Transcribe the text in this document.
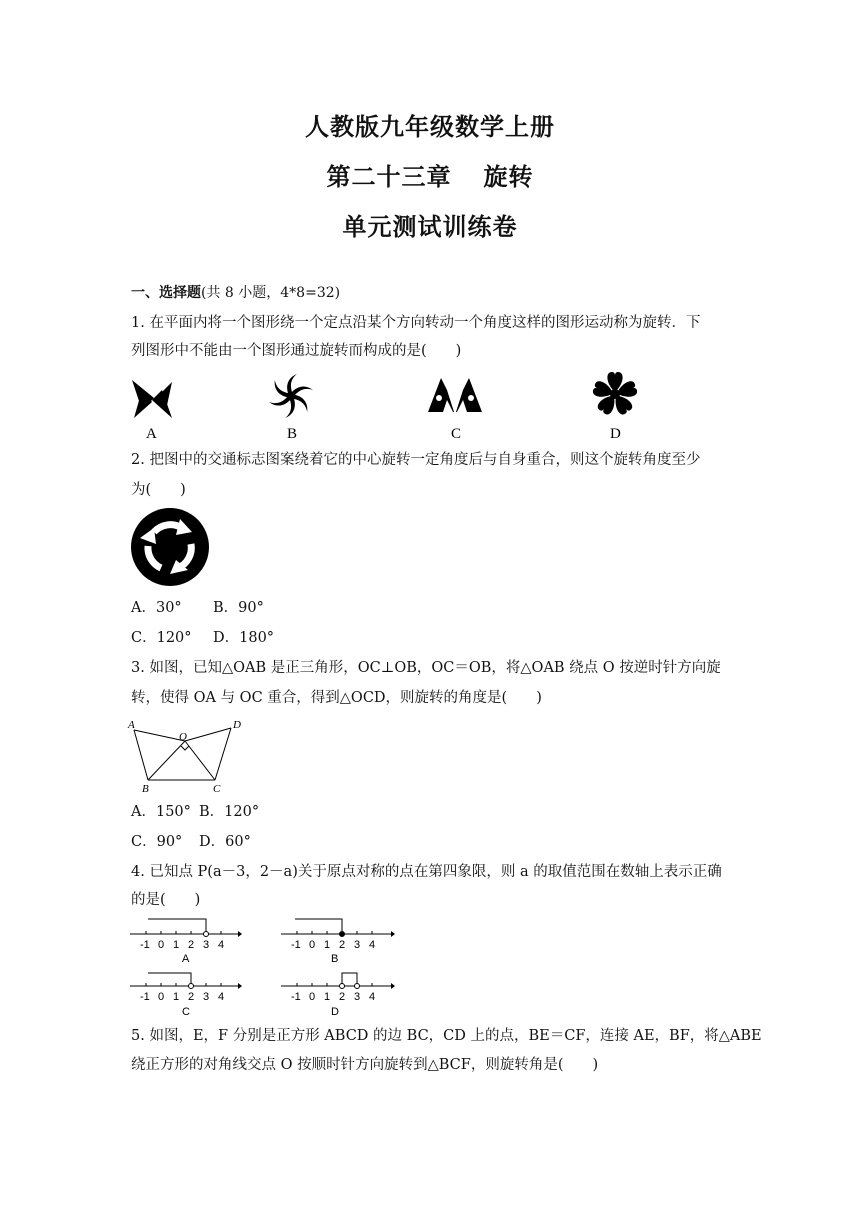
人教版九年级数学上册
第二十三章 旋转
单元测试训练卷
一、选择题(共 8 小题，4*8=32)
1. 在平面内将一个图形绕一个定点沿某个方向转动一个角度这样的图形运动称为旋转．下
列图形中不能由一个图形通过旋转而构成的是(　　)
A	B	C	D
2. 把图中的交通标志图案绕着它的中心旋转一定角度后与自身重合，则这个旋转角度至少
为(　　)
A．30° B．90°
C．120° D．180°
3. 如图，已知△OAB 是正三角形，OC⊥OB，OC＝OB，将△OAB 绕点 O 按逆时针方向旋
转，使得 OA 与 OC 重合，得到△OCD，则旋转的角度是(　　)
A
O
D
B	C
A．150° B．120°
C．90° D．60°
4. 已知点 P(a－3，2－a)关于原点对称的点在第四象限，则 a 的取值范围在数轴上表示正确
的是(　　)
-1 0 1 2 3 4
A
-1 0 1 2 3 4
B
-1 0 1 2 3 4
C
-1 0 1 2 3 4
D
5. 如图，E，F 分别是正方形 ABCD 的边 BC，CD 上的点，BE＝CF，连接 AE，BF，将△ABE
绕正方形的对角线交点 O 按顺时针方向旋转到△BCF，则旋转角是(　　)
